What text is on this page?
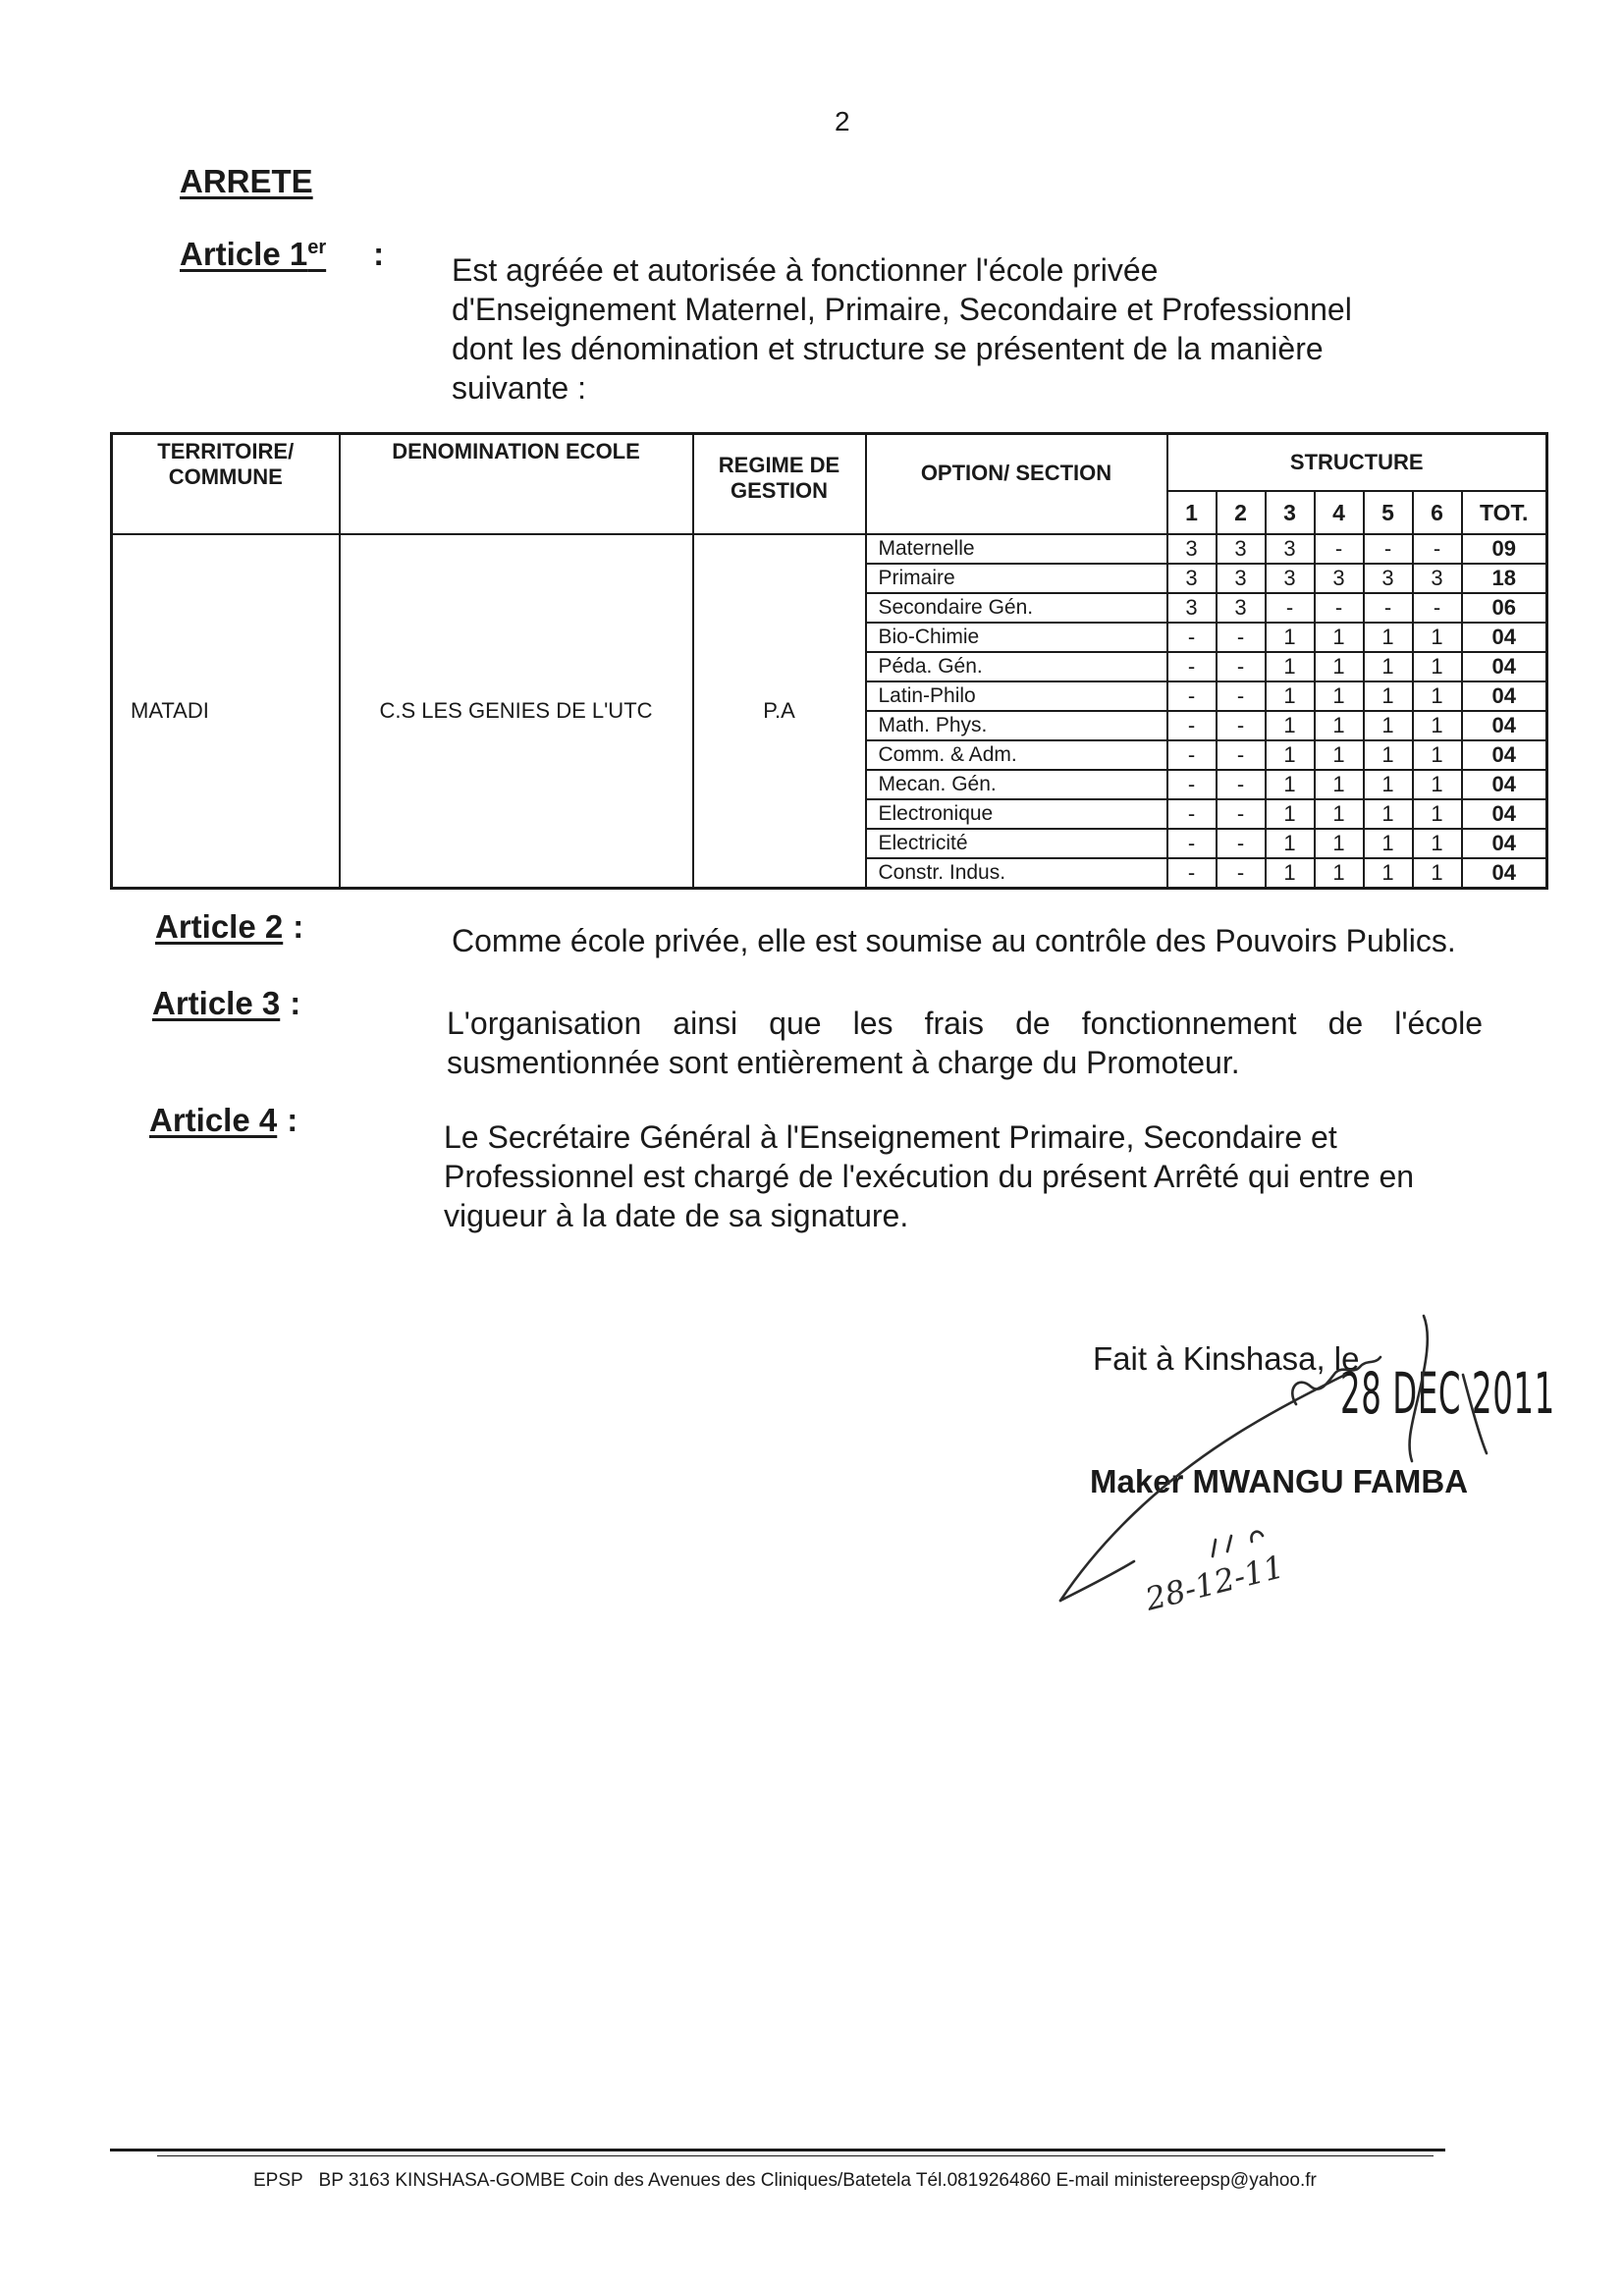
2
ARRETE
Article 1er : Est agréée et autorisée à fonctionner l'école privée d'Enseignement Maternel, Primaire, Secondaire et Professionnel dont les dénomination et structure se présentent de la manière suivante :
TERRITOIRE/ COMMUNE	DENOMINATION ECOLE	REGIME DE GESTION	OPTION/ SECTION	STRUCTURE						
				1	2	3	4	5	6	TOT.
MATADI	C.S LES GENIES DE L'UTC	P.A	Maternelle	3	3	3	-	-	-	09
			Primaire	3	3	3	3	3	3	18
			Secondaire Gén.	3	3	-	-	-	-	06
			Bio-Chimie	-	-	1	1	1	1	04
			Péda. Gén.	-	-	1	1	1	1	04
			Latin-Philo	-	-	1	1	1	1	04
			Math. Phys.	-	-	1	1	1	1	04
			Comm. & Adm.	-	-	1	1	1	1	04
			Mecan. Gén.	-	-	1	1	1	1	04
			Electronique	-	-	1	1	1	1	04
			Electricité	-	-	1	1	1	1	04
			Constr. Indus.	-	-	1	1	1	1	04
Article 2 :	Comme école privée, elle est soumise au contrôle des Pouvoirs Publics.
Article 3 :
L'organisation ainsi que les frais de fonctionnement de l'école susmentionnée sont entièrement à charge du Promoteur.
Article 4 :	Le Secrétaire Général à l'Enseignement Primaire, Secondaire et Professionnel est chargé de l'exécution du présent Arrêté qui entre en vigueur à la date de sa signature.
Fait à Kinshasa, le
28 DEC 2011
Maker MWANGU FAMBA
28-12-11
EPSP BP 3163 KINSHASA-GOMBE Coin des Avenues des Cliniques/Batetela Tél.0819264860 E-mail ministereepsp@yahoo.fr
